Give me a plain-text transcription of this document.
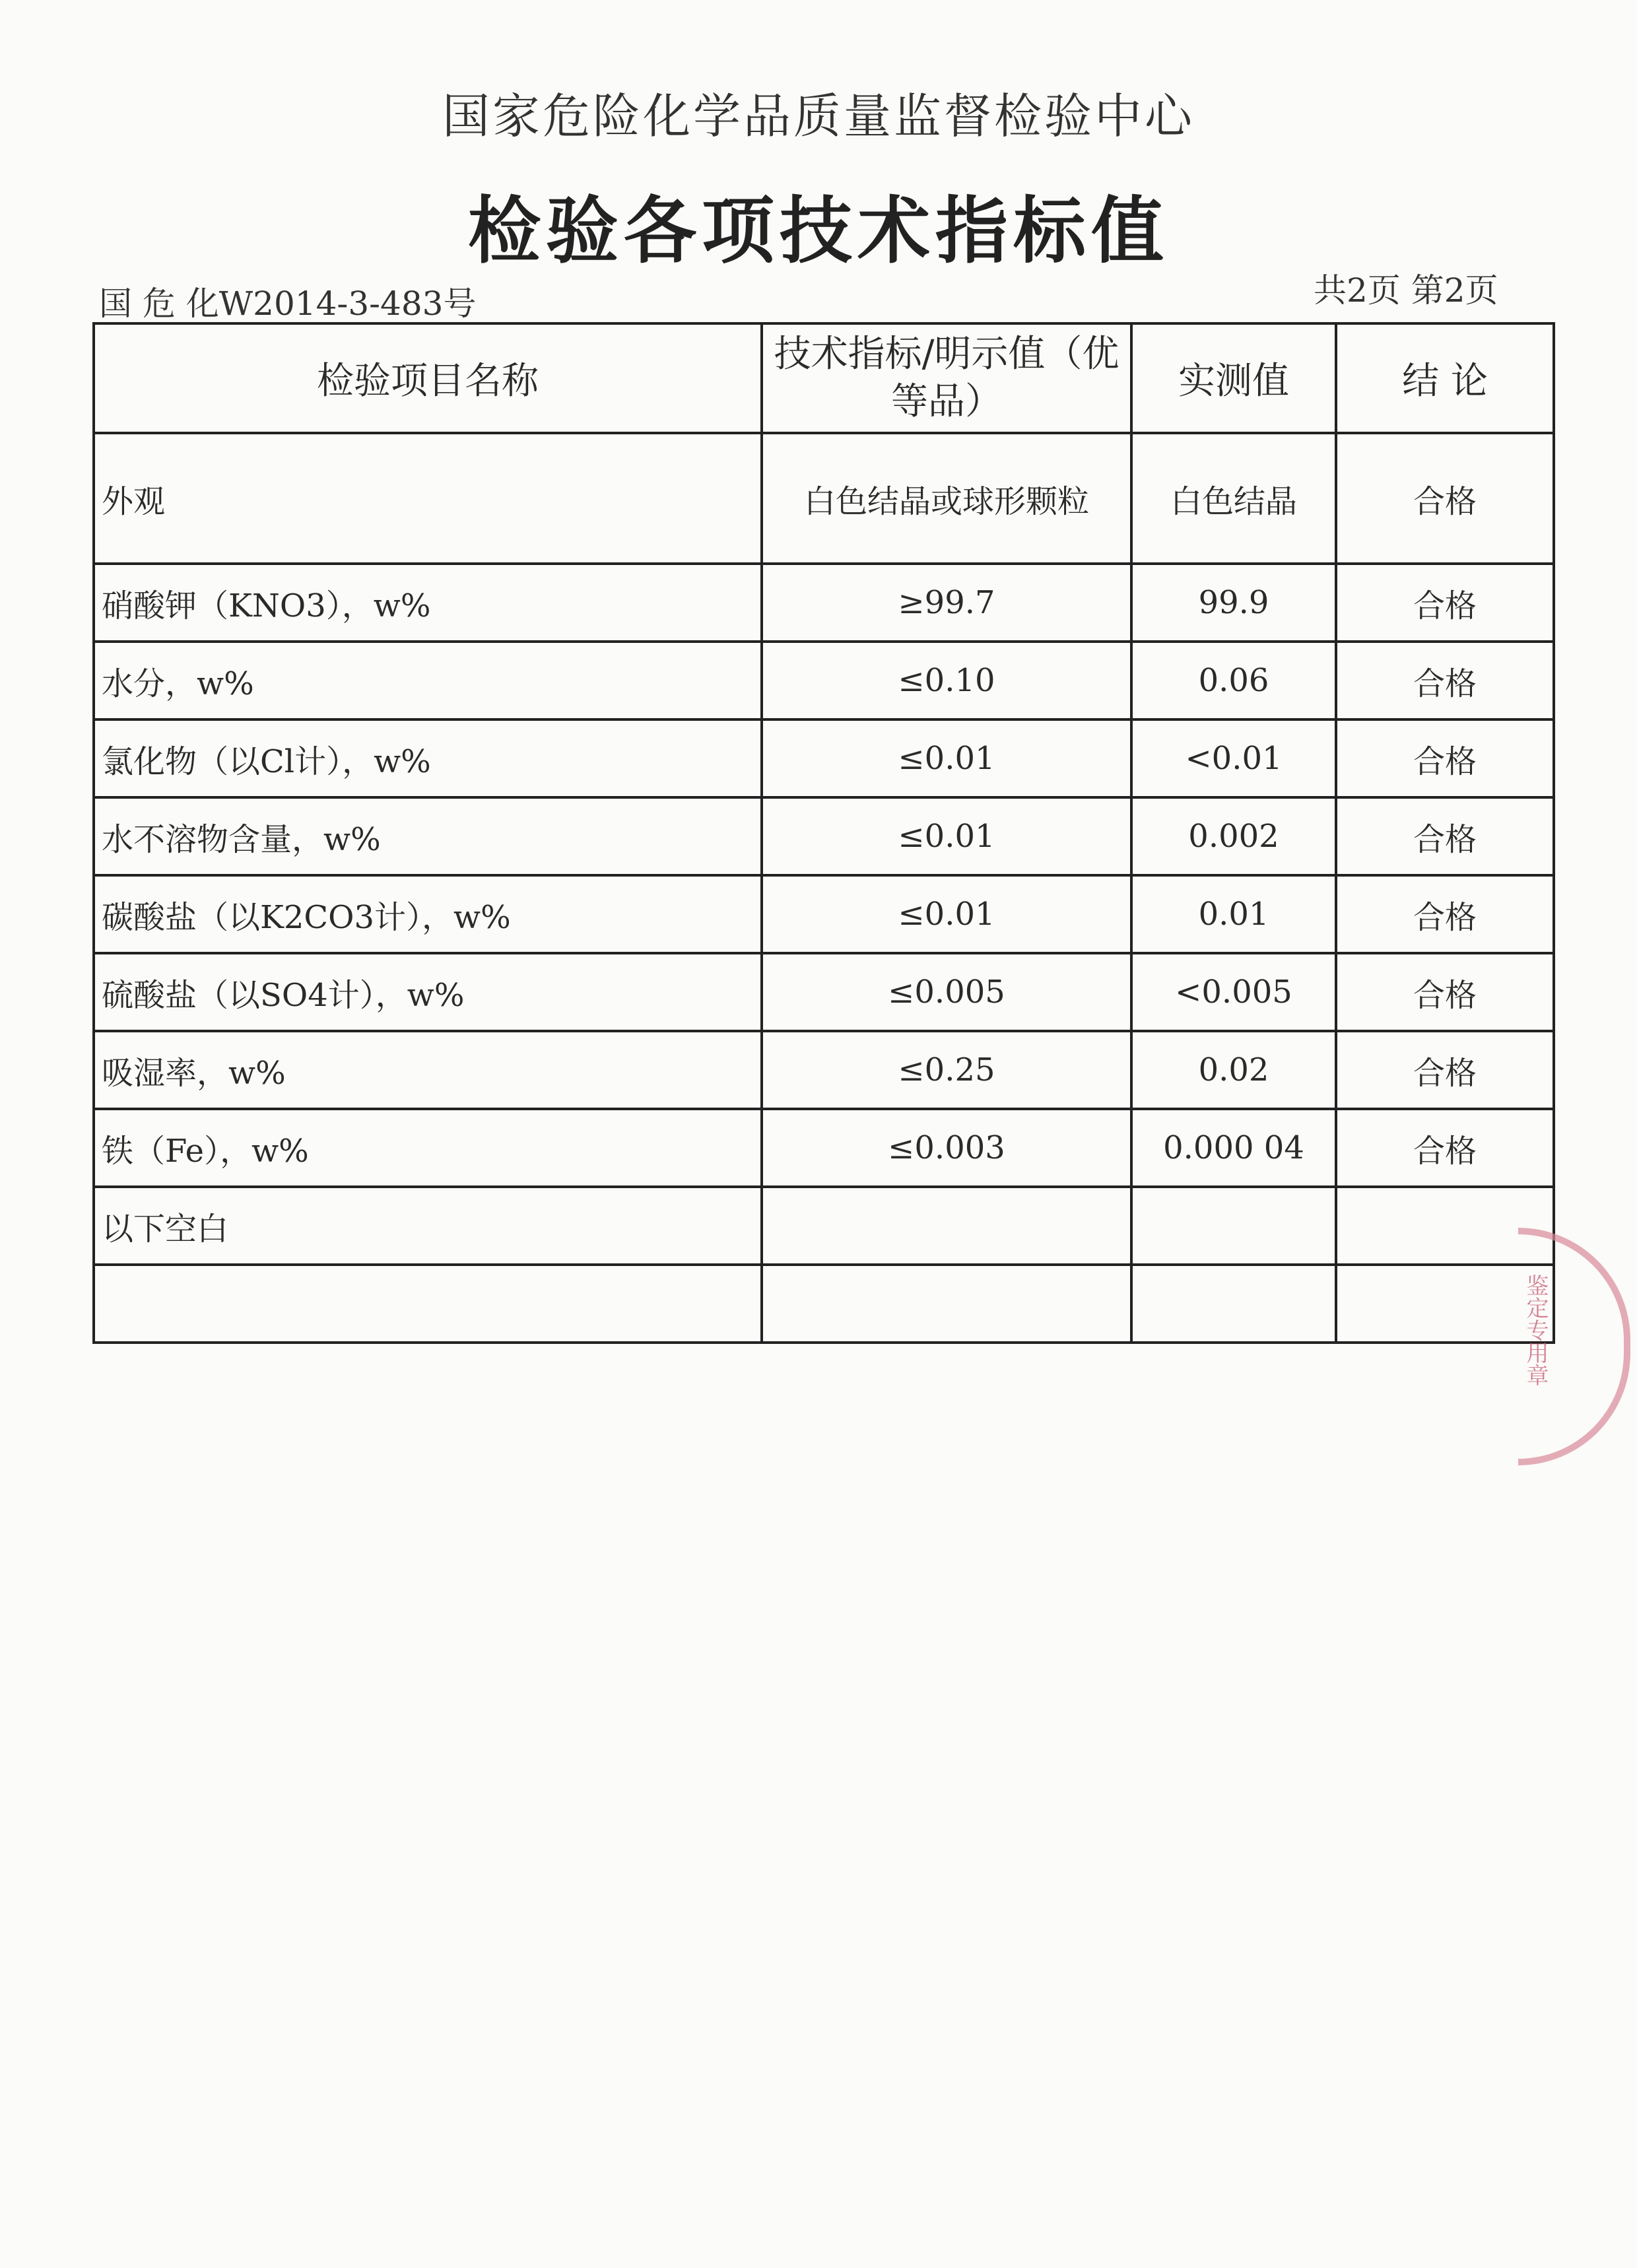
国家危险化学品质量监督检验中心
检验各项技术指标值
国 危 化W2014-3-483号	共2页 第2页
检验项目名称	技术指标/明示值（优等品）	实测值	结 论
外观	白色结晶或球形颗粒	白色结晶	合格
硝酸钾（KNO3），w%	≥99.7	99.9	合格
水分，w%	≤0.10	0.06	合格
氯化物（以Cl计），w%	≤0.01	<0.01	合格
水不溶物含量，w%	≤0.01	0.002	合格
碳酸盐（以K2CO3计），w%	≤0.01	0.01	合格
硫酸盐（以SO4计），w%	≤0.005	<0.005	合格
吸湿率，w%	≤0.25	0.02	合格
铁（Fe），w%	≤0.003	0.000 04	合格
以下空白			

鉴定专用章
